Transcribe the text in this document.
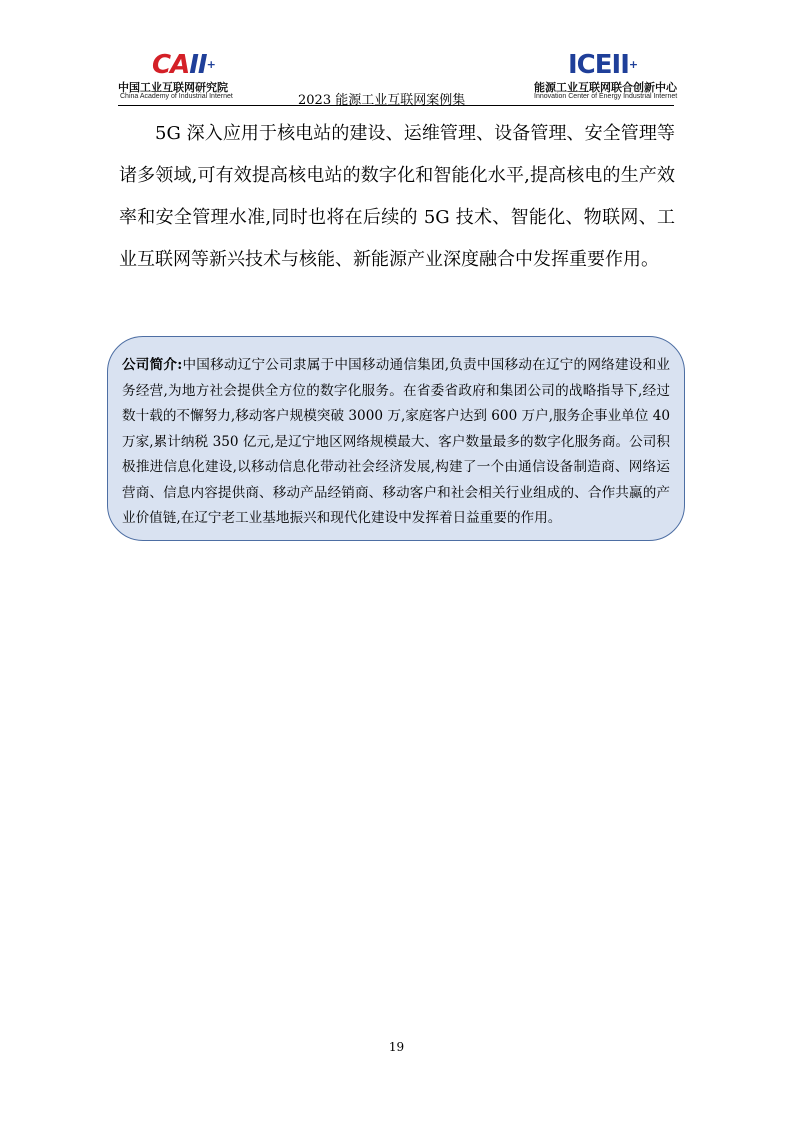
CAII+
中国工业互联网研究院
China Academy of Industrial Internet	2023 能源工业互联网案例集
ICEII+
能源工业互联网联合创新中心
Innovation Center of Energy Industrial Internet

5G 深入应用于核电站的建设、运维管理、设备管理、安全管理等诸多领域,可有效提高核电站的数字化和智能化水平,提高核电的生产效率和安全管理水准,同时也将在后续的 5G 技术、智能化、物联网、工业互联网等新兴技术与核能、新能源产业深度融合中发挥重要作用。

公司简介:中国移动辽宁公司隶属于中国移动通信集团,负责中国移动在辽宁的网络建设和业务经营,为地方社会提供全方位的数字化服务。在省委省政府和集团公司的战略指导下,经过数十载的不懈努力,移动客户规模突破 3000 万,家庭客户达到 600 万户,服务企事业单位 40 万家,累计纳税 350 亿元,是辽宁地区网络规模最大、客户数量最多的数字化服务商。公司积极推进信息化建设,以移动信息化带动社会经济发展,构建了一个由通信设备制造商、网络运营商、信息内容提供商、移动产品经销商、移动客户和社会相关行业组成的、合作共赢的产业价值链,在辽宁老工业基地振兴和现代化建设中发挥着日益重要的作用。

19
